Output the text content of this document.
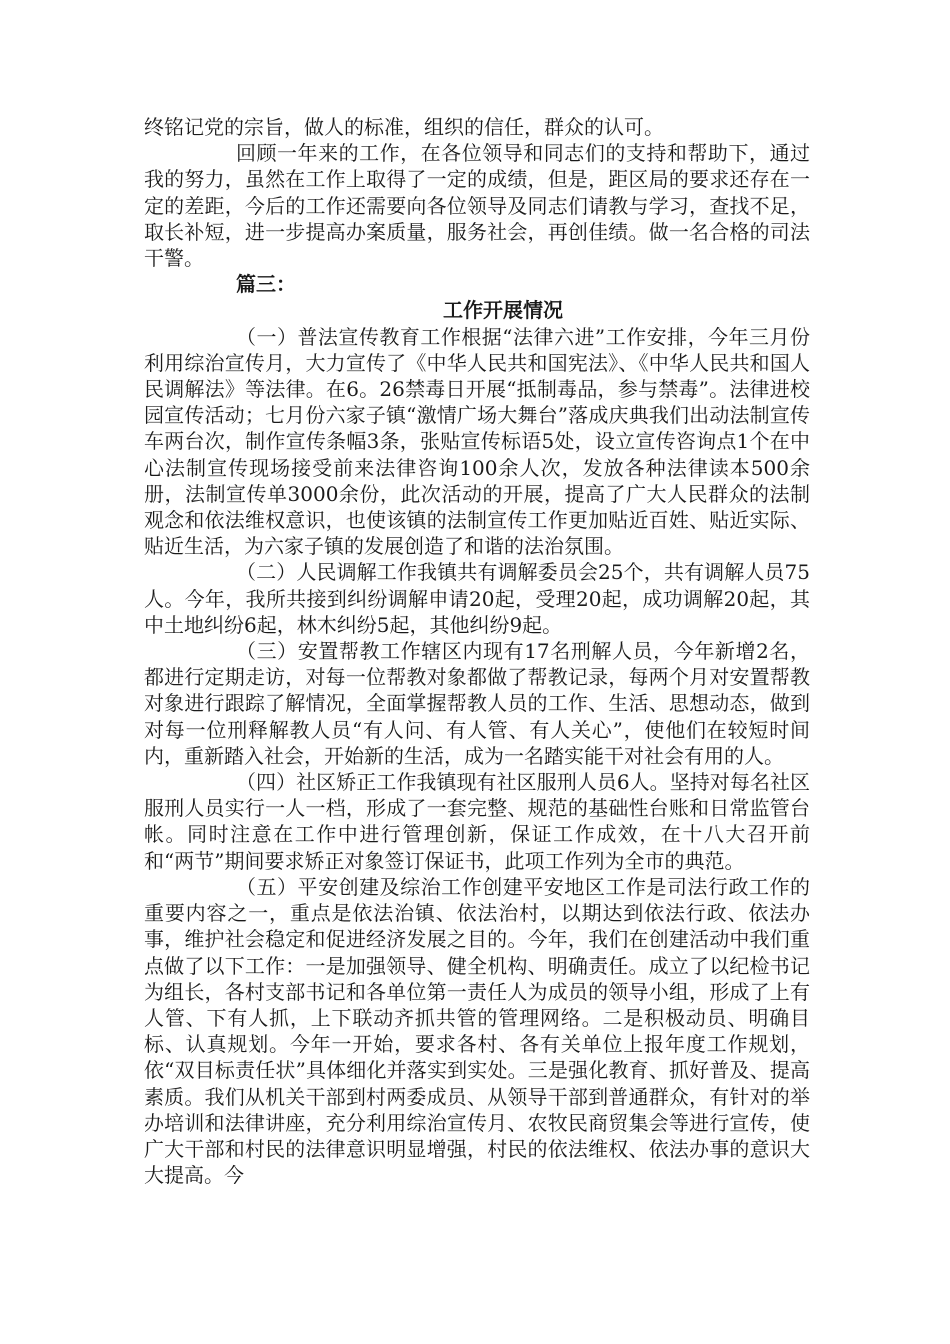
终铭记党的宗旨，做人的标准，组织的信任，群众的认可。

回顾一年来的工作，在各位领导和同志们的支持和帮助下，通过我的努力，虽然在工作上取得了一定的成绩，但是，距区局的要求还存在一定的差距，今后的工作还需要向各位领导及同志们请教与学习，查找不足，取长补短，进一步提高办案质量，服务社会，再创佳绩。做一名合格的司法干警。

篇三：

工作开展情况

（一）普法宣传教育工作根据“法律六进”工作安排，今年三月份利用综治宣传月，大力宣传了《中华人民共和国宪法》、《中华人民共和国人民调解法》等法律。在6。26禁毒日开展“抵制毒品，参与禁毒”。法律进校园宣传活动；七月份六家子镇“激情广场大舞台”落成庆典我们出动法制宣传车两台次，制作宣传条幅3条，张贴宣传标语5处，设立宣传咨询点1个在中心法制宣传现场接受前来法律咨询100余人次，发放各种法律读本500余册，法制宣传单3000余份，此次活动的开展，提高了广大人民群众的法制观念和依法维权意识，也使该镇的法制宣传工作更加贴近百姓、贴近实际、贴近生活，为六家子镇的发展创造了和谐的法治氛围。

（二）人民调解工作我镇共有调解委员会25个，共有调解人员75人。今年，我所共接到纠纷调解申请20起，受理20起，成功调解20起，其中土地纠纷6起，林木纠纷5起，其他纠纷9起。

（三）安置帮教工作辖区内现有17名刑解人员，今年新增2名，都进行定期走访，对每一位帮教对象都做了帮教记录，每两个月对安置帮教对象进行跟踪了解情况，全面掌握帮教人员的工作、生活、思想动态，做到对每一位刑释解教人员“有人问、有人管、有人关心”，使他们在较短时间内，重新踏入社会，开始新的生活，成为一名踏实能干对社会有用的人。

（四）社区矫正工作我镇现有社区服刑人员6人。坚持对每名社区服刑人员实行一人一档，形成了一套完整、规范的基础性台账和日常监管台帐。同时注意在工作中进行管理创新，保证工作成效，在十八大召开前和“两节”期间要求矫正对象签订保证书，此项工作列为全市的典范。

（五）平安创建及综治工作创建平安地区工作是司法行政工作的重要内容之一，重点是依法治镇、依法治村，以期达到依法行政、依法办事，维护社会稳定和促进经济发展之目的。今年，我们在创建活动中我们重点做了以下工作：一是加强领导、健全机构、明确责任。成立了以纪检书记为组长，各村支部书记和各单位第一责任人为成员的领导小组，形成了上有人管、下有人抓，上下联动齐抓共管的管理网络。二是积极动员、明确目标、认真规划。今年一开始，要求各村、各有关单位上报年度工作规划，依“双目标责任状”具体细化并落实到实处。三是强化教育、抓好普及、提高素质。我们从机关干部到村两委成员、从领导干部到普通群众，有针对的举办培训和法律讲座，充分利用综治宣传月、农牧民商贸集会等进行宣传，使广大干部和村民的法律意识明显增强，村民的依法维权、依法办事的意识大大提高。今
